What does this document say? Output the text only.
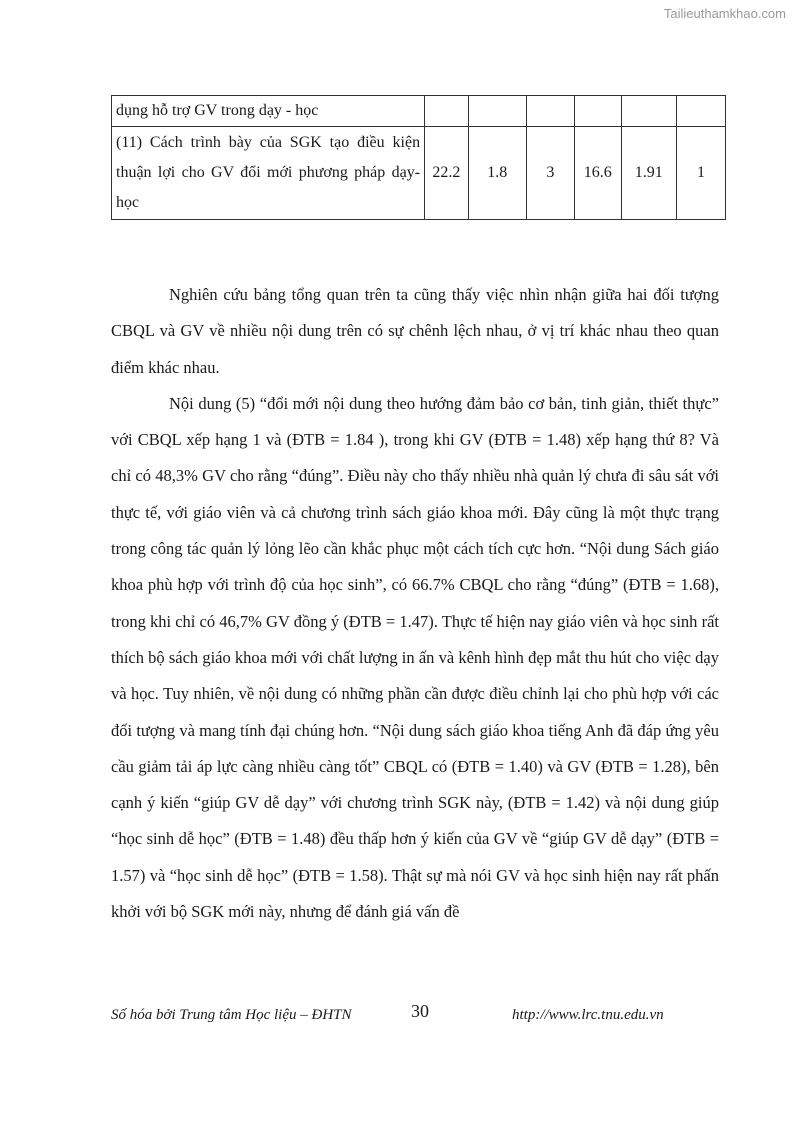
Tailieuthamkhao.com
dụng hỗ trợ GV trong dạy - học						
(11) Cách trình bày của SGK tạo điều kiện thuận lợi cho GV đổi mới phương pháp dạy-học	22.2	1.8	3	16.6	1.91	1

Nghiên cứu bảng tổng quan trên ta cũng thấy việc nhìn nhận giữa hai đối tượng CBQL và GV về nhiều nội dung trên có sự chênh lệch nhau, ở vị trí khác nhau theo quan điểm khác nhau.

Nội dung (5) “đổi mới nội dung theo hướng đảm bảo cơ bản, tinh giản, thiết thực” với CBQL xếp hạng 1 và (ĐTB = 1.84 ), trong khi GV (ĐTB = 1.48) xếp hạng thứ 8? Và chỉ có 48,3% GV cho rằng “đúng”. Điều này cho thấy nhiều nhà quản lý chưa đi sâu sát với thực tế, với giáo viên và cả chương trình sách giáo khoa mới. Đây cũng là một thực trạng trong công tác quản lý lỏng lẽo cần khắc phục một cách tích cực hơn. “Nội dung Sách giáo khoa phù hợp với trình độ của học sinh”, có 66.7% CBQL cho rằng “đúng” (ĐTB = 1.68), trong khi chỉ có 46,7% GV đồng ý (ĐTB = 1.47). Thực tế hiện nay giáo viên và học sinh rất thích bộ sách giáo khoa mới với chất lượng in ấn và kênh hình đẹp mắt thu hút cho việc dạy và học. Tuy nhiên, về nội dung có những phần cần được điều chỉnh lại cho phù hợp với các đối tượng và mang tính đại chúng hơn. “Nội dung sách giáo khoa tiếng Anh đã đáp ứng yêu cầu giảm tải áp lực càng nhiều càng tốt” CBQL có (ĐTB = 1.40) và GV (ĐTB = 1.28), bên cạnh ý kiến “giúp GV dễ dạy” với chương trình SGK này, (ĐTB = 1.42) và nội dung giúp “học sinh dễ học” (ĐTB = 1.48) đều thấp hơn ý kiến của GV về “giúp GV dễ dạy” (ĐTB = 1.57) và “học sinh dễ học” (ĐTB = 1.58). Thật sự mà nói GV và học sinh hiện nay rất phấn khởi với bộ SGK mới này, nhưng để đánh giá vấn đề

Số hóa bởi Trung tâm Học liệu – ĐHTN	30	http://www.lrc.tnu.edu.vn
